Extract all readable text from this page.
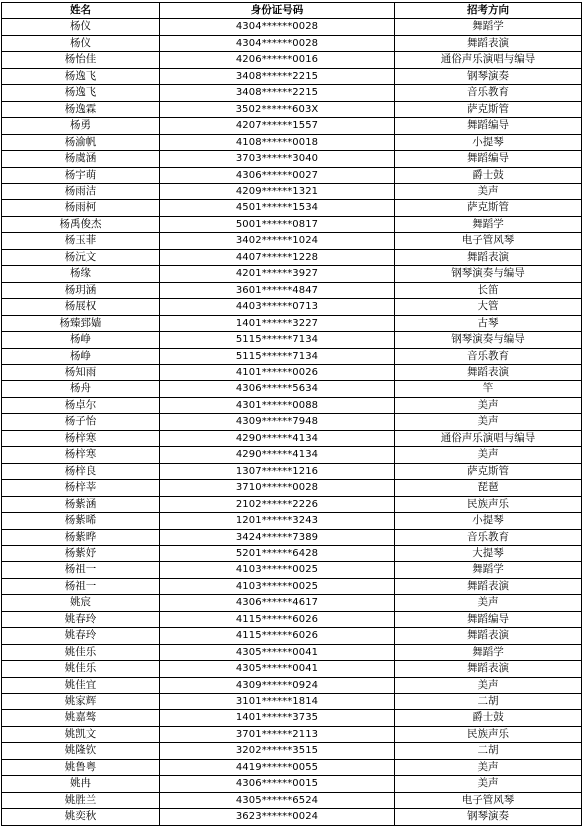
姓名	身份证号码	招考方向
杨仪	4304******0028	舞蹈学
杨仪	4304******0028	舞蹈表演
杨怡佳	4206******0016	通俗声乐演唱与编导
杨逸飞	3408******2215	钢琴演奏
杨逸飞	3408******2215	音乐教育
杨逸霖	3502******603X	萨克斯管
杨勇	4207******1557	舞蹈编导
杨渝帆	4108******0018	小提琴
杨虞涵	3703******3040	舞蹈编导
杨宇萌	4306******0027	爵士鼓
杨雨洁	4209******1321	美声
杨雨柯	4501******1534	萨克斯管
杨禹俊杰	5001******0817	舞蹈学
杨玉菲	3402******1024	电子管风琴
杨沅文	4407******1228	舞蹈表演
杨缘	4201******3927	钢琴演奏与编导
杨玥涵	3601******4847	长笛
杨展权	4403******0713	大管
杨臻郅嫱	1401******3227	古琴
杨峥	5115******7134	钢琴演奏与编导
杨峥	5115******7134	音乐教育
杨知雨	4101******0026	舞蹈表演
杨舟	4306******5634	竿
杨卓尔	4301******0088	美声
杨子怡	4309******7948	美声
杨梓寒	4290******4134	通俗声乐演唱与编导
杨梓寒	4290******4134	美声
杨梓良	1307******1216	萨克斯管
杨梓莘	3710******0028	琵琶
杨紫涵	2102******2226	民族声乐
杨紫晞	1201******3243	小提琴
杨紫晔	3424******7389	音乐教育
杨紫妤	5201******6428	大提琴
杨祖一	4103******0025	舞蹈学
杨祖一	4103******0025	舞蹈表演
姚宸	4306******4617	美声
姚春玲	4115******6026	舞蹈编导
姚春玲	4115******6026	舞蹈表演
姚佳乐	4305******0041	舞蹈学
姚佳乐	4305******0041	舞蹈表演
姚佳宜	4309******0924	美声
姚家辉	3101******1814	二胡
姚嘉骜	1401******3735	爵士鼓
姚凯文	3701******2113	民族声乐
姚隆钦	3202******3515	二胡
姚鲁粤	4419******0055	美声
姚冉	4306******0015	美声
姚胜兰	4305******6524	电子管风琴
姚奕秋	3623******0024	钢琴演奏
